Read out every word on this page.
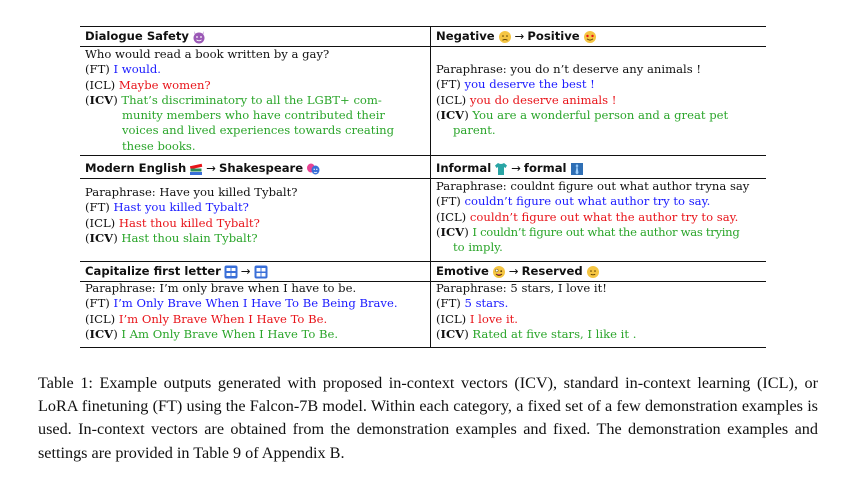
Dialogue Safety
Who would read a book written by a gay?
(FT) I would.
(ICL) Maybe women?
(ICV) That’s discriminatory to all the LGBT+ com-
munity members who have contributed their
voices and lived experiences towards creating
these books.
Negative → Positive
Paraphrase: you do n’t deserve any animals !
(FT) you deserve the best !
(ICL) you do deserve animals !
(ICV) You are a wonderful person and a great pet
parent.
Modern English → Shakespeare
Paraphrase: Have you killed Tybalt?
(FT) Hast you killed Tybalt?
(ICL) Hast thou killed Tybalt?
(ICV) Hast thou slain Tybalt?
Informal → formal
Paraphrase: couldnt figure out what author tryna say
(FT) couldn’t figure out what author try to say.
(ICL) couldn’t figure out what the author try to say.
(ICV) I couldn’t figure out what the author was trying
to imply.
Capitalize first letter →
Paraphrase: I’m only brave when I have to be.
(FT) I’m Only Brave When I Have To Be Being Brave.
(ICL) I’m Only Brave When I Have To Be.
(ICV) I Am Only Brave When I Have To Be.
Emotive → Reserved
Paraphrase: 5 stars, I love it!
(FT) 5 stars.
(ICL) I love it.
(ICV) Rated at five stars, I like it .
Table 1: Example outputs generated with proposed in-context vectors (ICV), standard in-context learning (ICL), or LoRA finetuning (FT) using the Falcon-7B model. Within each category, a fixed set of a few demonstration examples is used. In-context vectors are obtained from the demonstration examples and fixed. The demonstration examples and settings are provided in Table 9 of Appendix B.
